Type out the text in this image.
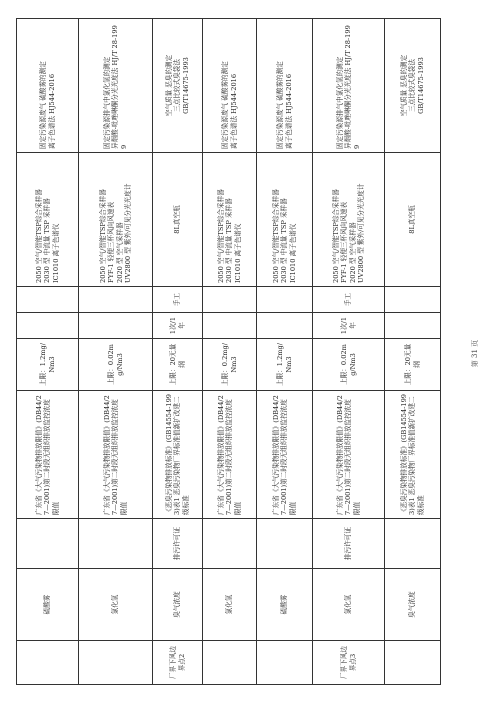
	硫酸雾		广东省《大气污染物排放限值》(DB44/27—2001)第二时段无组织排放监控浓度限值	上限：1.2mg/Nm3			2050 空气/智能TSP综合采样器 2030 型 中流量 TSP 采样器 IC1010 离子色谱仪	固定污染源废气 硫酸雾的测定 离子色谱法 HJ544-2016

	氯化氢		广东省《大气污染物排放限值》(DB44/27—2001)第二时段无组织排放监控浓度限值	上限：0.02mg/Nm3			2050 空气/智能TSP综合采样器 FYF-1 轻便三杯风向风速表 2020 型 空气采样器 UV2800 型 紫外/可见分光光度计	固定污染源排气中氯化氢的测定 异烟酸-吡唑啉酮分光光度法 HJ/T 28-1999

厂界下风边界点2	臭气浓度	排污许可证	《恶臭污染物排放标准》(GB14554-1993)表1 恶臭污染物厂界标准值新扩改建二级标准	上限：20无量纲	1次/1年	手工	8L真空瓶	空气质量 恶臭的测定 三点比较式臭袋法 GB/T14675-1993

	氯化氢		广东省《大气污染物排放限值》(DB44/27—2001)第二时段无组织排放监控浓度限值	上限：0.2mg/Nm3			2050 空气/智能TSP综合采样器 2030 型 中流量 TSP 采样器 IC1010 离子色谱仪	固定污染源废气 硫酸雾的测定 离子色谱法 HJ544-2016

	硫酸雾		广东省《大气污染物排放限值》(DB44/27—2001)第二时段无组织排放监控浓度限值	上限：1.2mg/Nm3			2050 空气/智能TSP综合采样器 2030 型 中流量 TSP 采样器 IC1010 离子色谱仪	固定污染源废气 硫酸雾的测定 离子色谱法 HJ544-2016

厂界下风边界点3	氯化氢	排污许可证	广东省《大气污染物排放限值》(DB44/27—2001)第二时段无组织排放监控浓度限值	上限：0.02mg/Nm3	1次/1年	手工	2050 空气/智能TSP综合采样器 FYF-1 轻便三杯风向风速表 2020 型 空气采样器 UV2800 型 紫外/可见分光光度计	固定污染源排气中氯化氢的测定 异烟酸-吡唑啉酮分光光度法 HJ/T 28-1999

	臭气浓度		《恶臭污染物排放标准》(GB14554-1993)表1 恶臭污染物厂界标准值新扩改建二级标准	上限：20无量纲			8L真空瓶	空气质量 恶臭的测定 三点比较式臭袋法 GB/T14675-1993
第 31 页
